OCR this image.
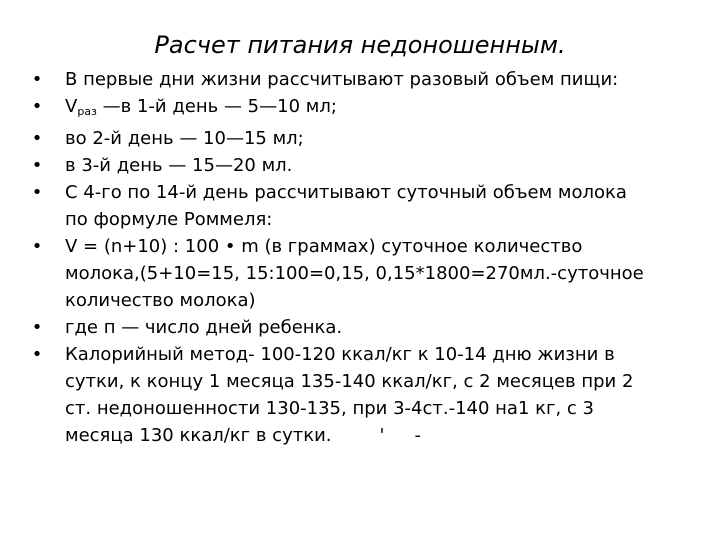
Расчет питания недоношенным.
• В первые дни жизни рассчитывают разовый объем пищи:
• $V_{раз}$ —в 1-й день — 5—10 мл;
• во 2-й день — 10—15 мл;
• в 3-й день — 15—20 мл.
• С 4-го по 14-й день рассчитывают суточный объем молока
по формуле Роммеля:
• V = (n+10) : 100 • m (в граммах) суточное количество
молока,(5+10=15, 15:100=0,15, 0,15*1800=270мл.-суточное
количество молока)
• где п — число дней ребенка.
• Калорийный метод- 100-120 ккал/кг к 10-14 дню жизни в
сутки, к концу 1 месяца 135-140 ккал/кг, с 2 месяцев при 2
ст. недоношенности 130-135, при 3-4ст.-140 на1 кг, с 3
месяца 130 ккал/кг в сутки.	' -
